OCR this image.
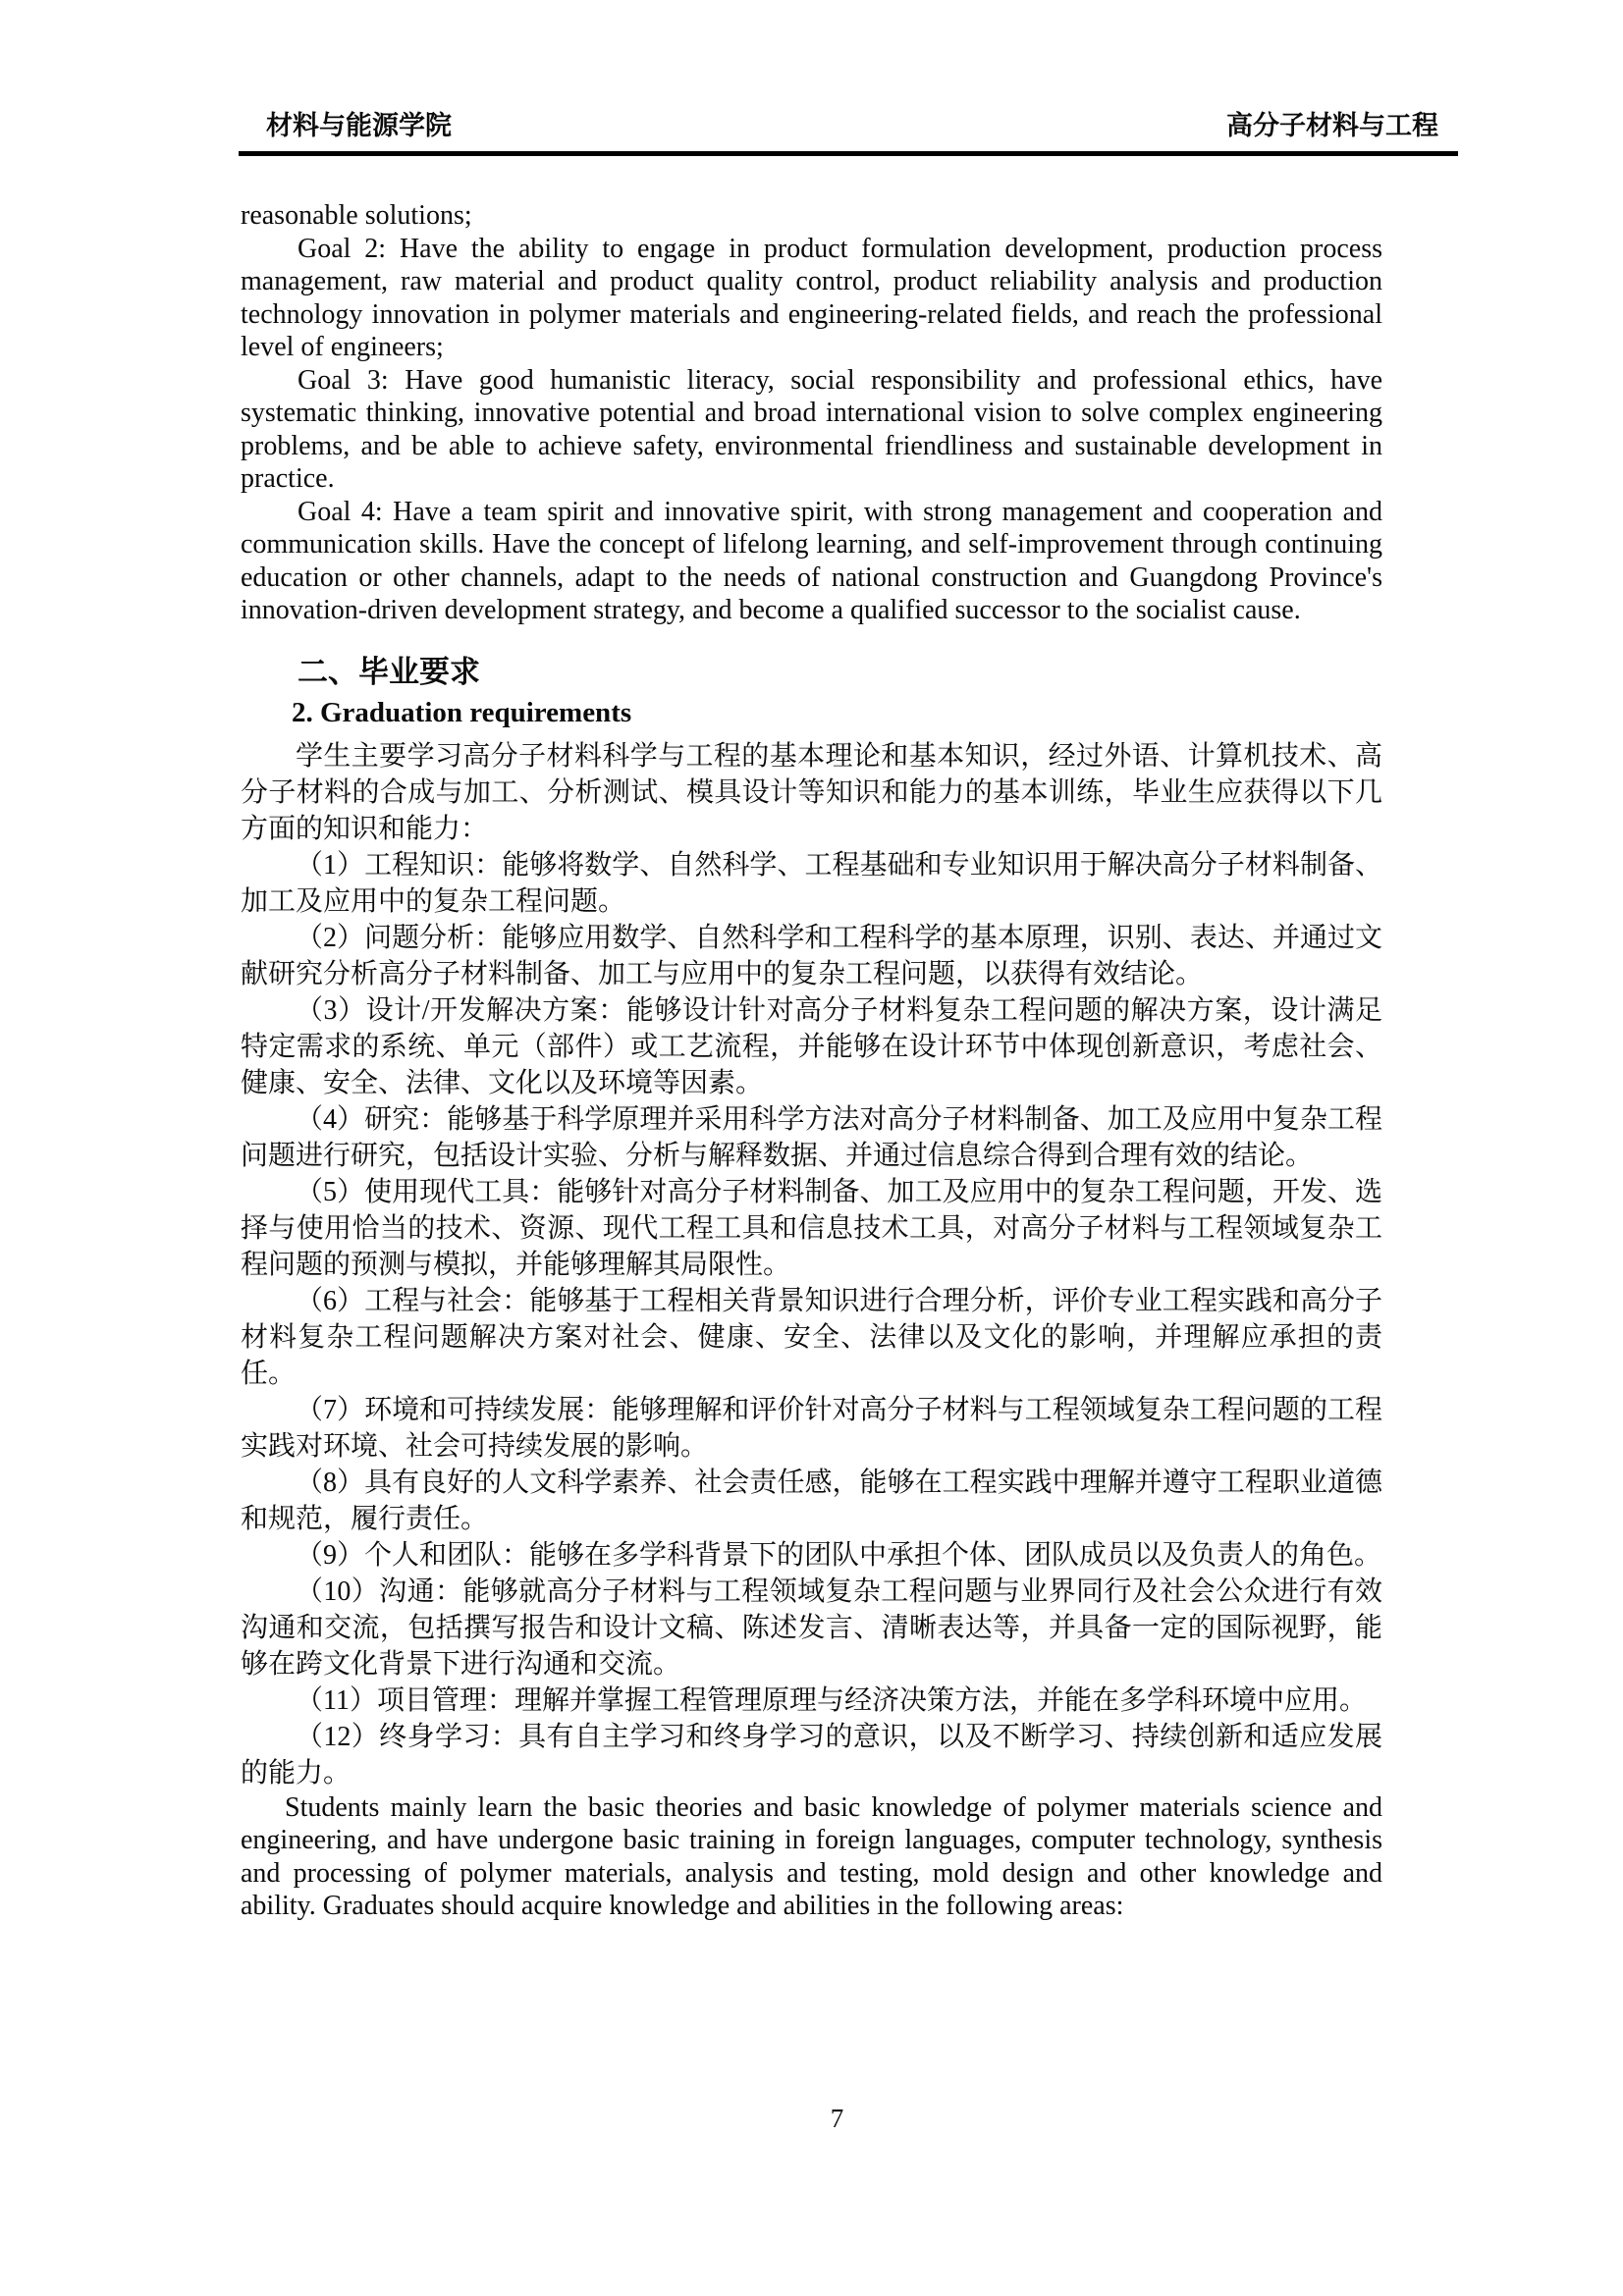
材料与能源学院	高分子材料与工程

reasonable solutions;

Goal 2: Have the ability to engage in product formulation development, production process management, raw material and product quality control, product reliability analysis and production technology innovation in polymer materials and engineering-related fields, and reach the professional level of engineers;

Goal 3: Have good humanistic literacy, social responsibility and professional ethics, have systematic thinking, innovative potential and broad international vision to solve complex engineering problems, and be able to achieve safety, environmental friendliness and sustainable development in practice.

Goal 4: Have a team spirit and innovative spirit, with strong management and cooperation and communication skills. Have the concept of lifelong learning, and self-improvement through continuing education or other channels, adapt to the needs of national construction and Guangdong Province's innovation-driven development strategy, and become a qualified successor to the socialist cause.

二、毕业要求

2. Graduation requirements

学生主要学习高分子材料科学与工程的基本理论和基本知识，经过外语、计算机技术、高分子材料的合成与加工、分析测试、模具设计等知识和能力的基本训练，毕业生应获得以下几方面的知识和能力：

（1）工程知识：能够将数学、自然科学、工程基础和专业知识用于解决高分子材料制备、加工及应用中的复杂工程问题。

（2）问题分析：能够应用数学、自然科学和工程科学的基本原理，识别、表达、并通过文献研究分析高分子材料制备、加工与应用中的复杂工程问题，以获得有效结论。

（3）设计/开发解决方案：能够设计针对高分子材料复杂工程问题的解决方案，设计满足特定需求的系统、单元（部件）或工艺流程，并能够在设计环节中体现创新意识，考虑社会、健康、安全、法律、文化以及环境等因素。

（4）研究：能够基于科学原理并采用科学方法对高分子材料制备、加工及应用中复杂工程问题进行研究，包括设计实验、分析与解释数据、并通过信息综合得到合理有效的结论。

（5）使用现代工具：能够针对高分子材料制备、加工及应用中的复杂工程问题，开发、选择与使用恰当的技术、资源、现代工程工具和信息技术工具，对高分子材料与工程领域复杂工程问题的预测与模拟，并能够理解其局限性。

（6）工程与社会：能够基于工程相关背景知识进行合理分析，评价专业工程实践和高分子材料复杂工程问题解决方案对社会、健康、安全、法律以及文化的影响，并理解应承担的责任。

（7）环境和可持续发展：能够理解和评价针对高分子材料与工程领域复杂工程问题的工程实践对环境、社会可持续发展的影响。

（8）具有良好的人文科学素养、社会责任感，能够在工程实践中理解并遵守工程职业道德和规范，履行责任。

（9）个人和团队：能够在多学科背景下的团队中承担个体、团队成员以及负责人的角色。

（10）沟通：能够就高分子材料与工程领域复杂工程问题与业界同行及社会公众进行有效沟通和交流，包括撰写报告和设计文稿、陈述发言、清晰表达等，并具备一定的国际视野，能够在跨文化背景下进行沟通和交流。

（11）项目管理：理解并掌握工程管理原理与经济决策方法，并能在多学科环境中应用。

（12）终身学习：具有自主学习和终身学习的意识，以及不断学习、持续创新和适应发展的能力。

Students mainly learn the basic theories and basic knowledge of polymer materials science and engineering, and have undergone basic training in foreign languages, computer technology, synthesis and processing of polymer materials, analysis and testing, mold design and other knowledge and ability. Graduates should acquire knowledge and abilities in the following areas:

7
